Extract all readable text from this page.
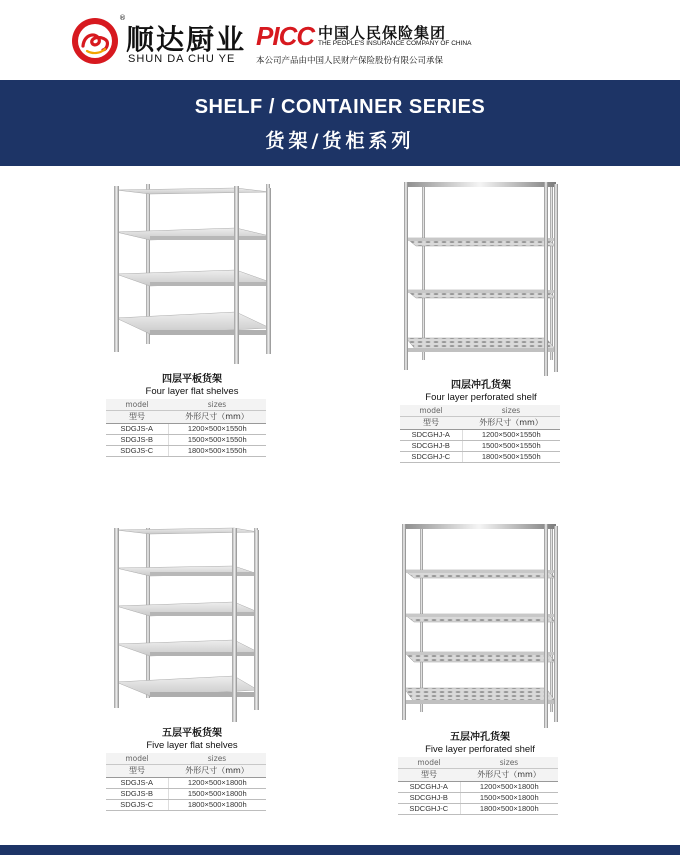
®
顺达厨业
SHUN DA CHU YE
PICC 中国人民保险集团
THE PEOPLE'S INSURANCE COMPANY OF CHINA
本公司产品由中国人民财产保险股份有限公司承保
SHELF / CONTAINER SERIES
货架/货柜系列
四层平板货架
Four layer flat shelves
model	sizes
型号	外形尺寸（mm）
SDGJS-A	1200×500×1550h
SDGJS-B	1500×500×1550h
SDGJS-C	1800×500×1550h
四层冲孔货架
Four layer perforated shelf
model	sizes
型号	外形尺寸（mm）
SDCGHJ-A	1200×500×1550h
SDCGHJ-B	1500×500×1550h
SDCGHJ-C	1800×500×1550h
五层平板货架
Five layer flat shelves
model	sizes
型号	外形尺寸（mm）
SDGJS-A	1200×500×1800h
SDGJS-B	1500×500×1800h
SDGJS-C	1800×500×1800h
五层冲孔货架
Five layer perforated shelf
model	sizes
型号	外形尺寸（mm）
SDCGHJ-A	1200×500×1800h
SDCGHJ-B	1500×500×1800h
SDCGHJ-C	1800×500×1800h
